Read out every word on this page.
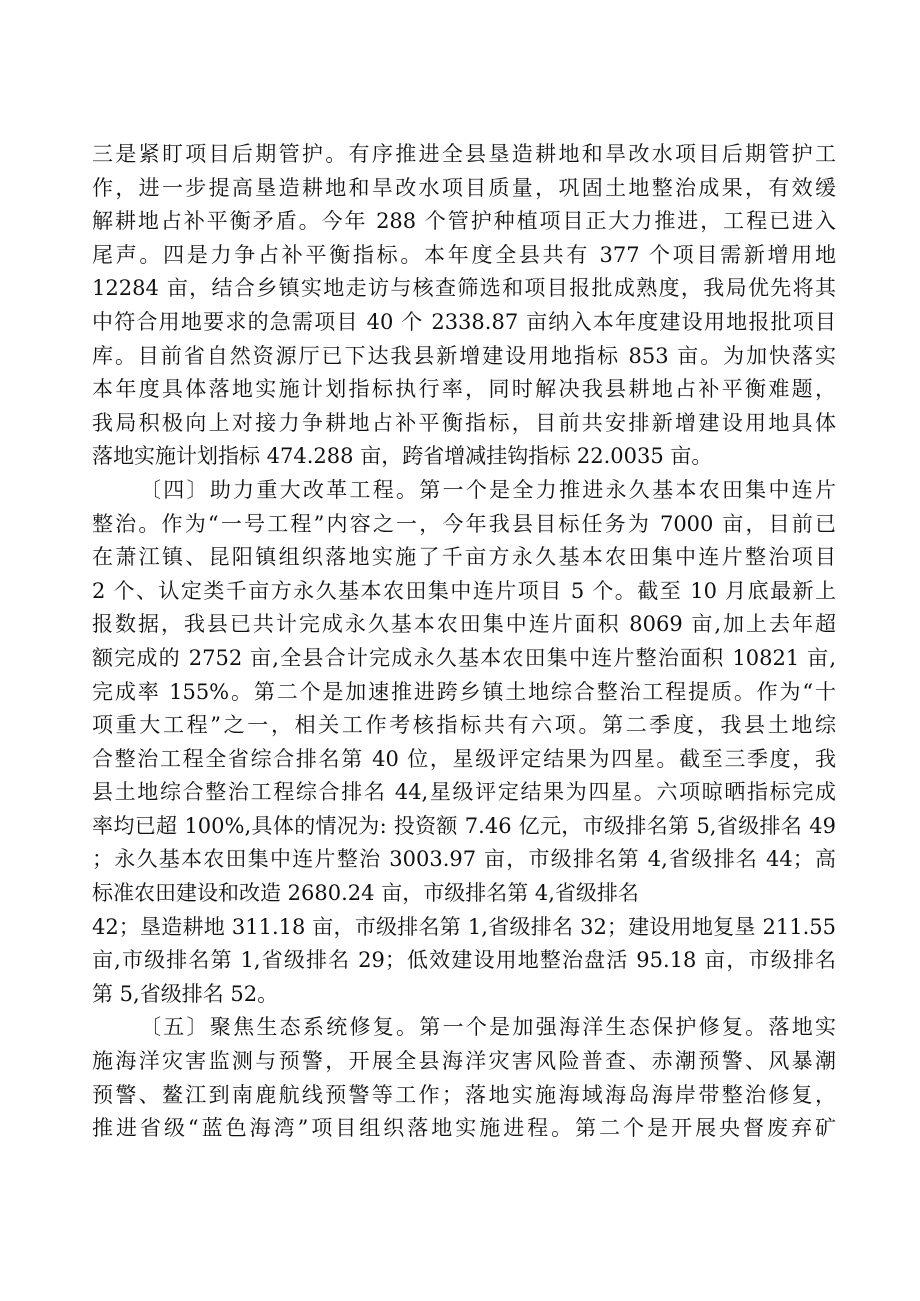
三是紧盯项目后期管护。有序推进全县垦造耕地和旱改水项目后期管护工
作，进一步提高垦造耕地和旱改水项目质量，巩固土地整治成果，有效缓
解耕地占补平衡矛盾。今年 288 个管护种植项目正大力推进，工程已进入
尾声。四是力争占补平衡指标。本年度全县共有 377 个项目需新增用地
12284 亩，结合乡镇实地走访与核查筛选和项目报批成熟度，我局优先将其
中符合用地要求的急需项目 40 个 2338.87 亩纳入本年度建设用地报批项目
库。目前省自然资源厅已下达我县新增建设用地指标 853 亩。为加快落实
本年度具体落地实施计划指标执行率，同时解决我县耕地占补平衡难题，
我局积极向上对接力争耕地占补平衡指标，目前共安排新增建设用地具体
落地实施计划指标 474.288 亩，跨省增减挂钩指标 22.0035 亩。
〔四〕助力重大改革工程。第一个是全力推进永久基本农田集中连片
整治。作为“一号工程”内容之一，今年我县目标任务为 7000 亩，目前已
在萧江镇、昆阳镇组织落地实施了千亩方永久基本农田集中连片整治项目
2 个、认定类千亩方永久基本农田集中连片项目 5 个。截至 10 月底最新上
报数据，我县已共计完成永久基本农田集中连片面积 8069 亩,加上去年超
额完成的 2752 亩,全县合计完成永久基本农田集中连片整治面积 10821 亩,
完成率 155%。第二个是加速推进跨乡镇土地综合整治工程提质。作为“十
项重大工程”之一，相关工作考核指标共有六项。第二季度，我县土地综
合整治工程全省综合排名第 40 位，星级评定结果为四星。截至三季度，我
县土地综合整治工程综合排名 44,星级评定结果为四星。六项晾晒指标完成
率均已超 100%,具体的情况为: 投资额 7.46 亿元，市级排名第 5,省级排名 49
；永久基本农田集中连片整治 3003.97 亩，市级排名第 4,省级排名 44；高
标准农田建设和改造 2680.24 亩，市级排名第 4,省级排名
42；垦造耕地 311.18 亩，市级排名第 1,省级排名 32；建设用地复垦 211.55
亩,市级排名第 1,省级排名 29；低效建设用地整治盘活 95.18 亩，市级排名
第 5,省级排名 52。
〔五〕聚焦生态系统修复。第一个是加强海洋生态保护修复。落地实
施海洋灾害监测与预警，开展全县海洋灾害风险普查、赤潮预警、风暴潮
预警、鳌江到南鹿航线预警等工作；落地实施海域海岛海岸带整治修复，
推进省级“蓝色海湾”项目组织落地实施进程。第二个是开展央督废弃矿
